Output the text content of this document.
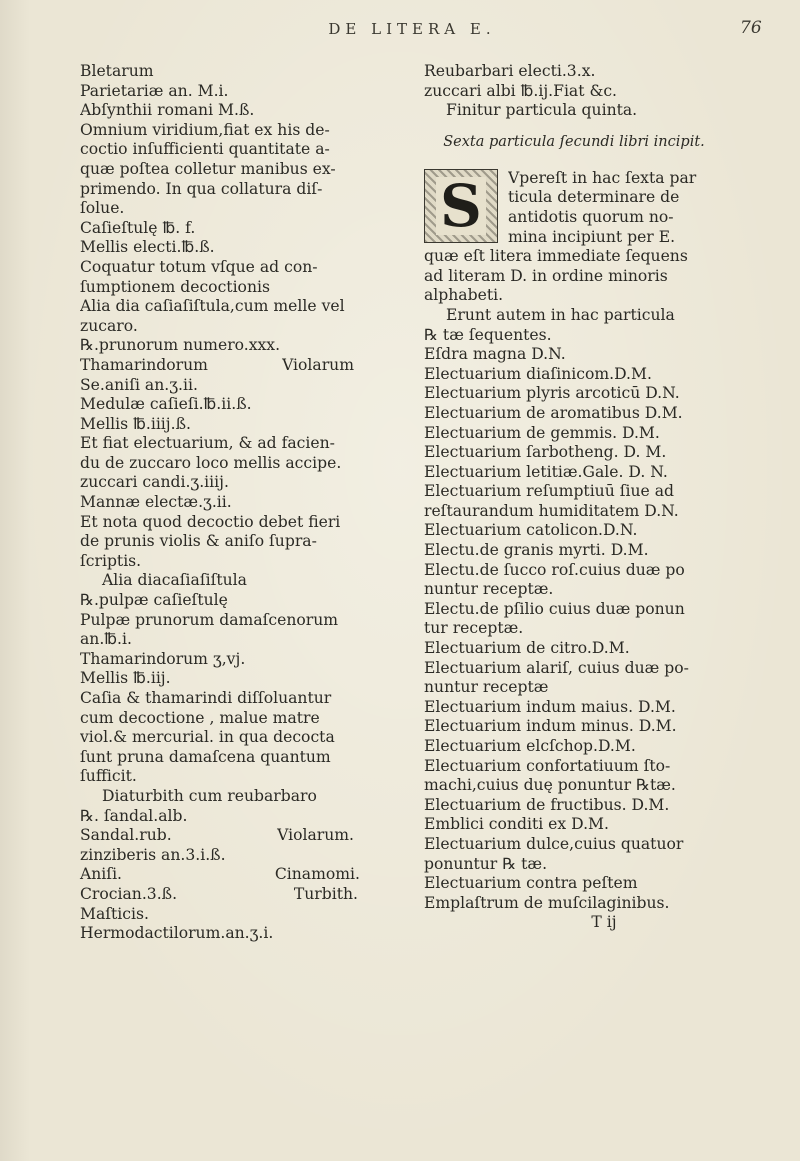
DE LITERA E.	76
Bletarum
Parietariæ an. M.i.
Abſynthii romani M.ß.
Omnium viridium,fiat ex his de-
coctio inſufficienti quantitate a-
quæ poſtea colletur manibus ex-
primendo. In qua collatura diſ-
ſolue.
Caſieſtulę ℔. f.
Mellis electi.℔.ß.
Coquatur totum vſque ad con-
ſumptionem decoctionis
Alia dia caſiaſiſtula,cum melle vel
zucaro.
℞.prunorum numero.xxx.
Thamarindorum	Violarum
Se.aniſi an.ʒ.ii.
Medulæ caſieſi.℔.ii.ß.
Mellis ℔.iiij.ß.
Et fiat electuarium, & ad facien-
du de zuccaro loco mellis accipe.
zuccari candi.ʒ.iiij.
Mannæ electæ.ʒ.ii.
Et nota quod decoctio debet fieri
de prunis violis & aniſo ſupra-
ſcriptis.
Alia diacaſiaſiſtula
℞.pulpæ caſieſtulę
Pulpæ prunorum damaſcenorum
an.℔.i.
Thamarindorum ʒ,vj.
Mellis ℔.iij.
Caſia & thamarindi diſſoluantur
cum decoctione , malue matre
viol.& mercurial. in qua decocta
ſunt pruna damaſcena quantum
ſufficit.
Diaturbith cum reubarbaro
℞. ſandal.alb.
Sandal.rub.	Violarum.
zinziberis an.3.i.ß.
Aniſi.	Cinamomi.
Crocian.3.ß.	Turbith.
Maſticis.
Hermodactilorum.an.ʒ.i.
Reubarbari electi.3.x.
zuccari albi ℔.ij.Fiat &c.
Finitur particula quinta.
Sexta particula ſecundi libri incipit.
S Vpereſt in hac ſexta par
ticula determinare de
antidotis quorum no-
mina incipiunt per E.
quæ eſt litera immediate ſequens
ad literam D. in ordine minoris
alphabeti.
Erunt autem in hac particula
℞ tæ ſequentes.
Eſdra magna D.N.
Electuarium diaſinicom.D.M.
Electuarium plyris arcoticū D.N.
Electuarium de aromatibus D.M.
Electuarium de gemmis. D.M.
Electuarium ſarbotheng. D. M.
Electuarium letitiæ.Gale. D. N.
Electuarium reſumptiuū ſiue ad
reſtaurandum humiditatem D.N.
Electuarium catolicon.D.N.
Electu.de granis myrti. D.M.
Electu.de ſucco roſ.cuius duæ po
nuntur receptæ.
Electu.de pſilio cuius duæ ponun
tur receptæ.
Electuarium de citro.D.M.
Electuarium alariſ, cuius duæ po-
nuntur receptæ
Electuarium indum maius. D.M.
Electuarium indum minus. D.M.
Electuarium elcſchop.D.M.
Electuarium confortatiuum ſto-
machi,cuius duę ponuntur ℞tæ.
Electuarium de fructibus. D.M.
Emblici conditi ex D.M.
Electuarium dulce,cuius quatuor
ponuntur ℞ tæ.
Electuarium contra peſtem
Emplaſtrum de muſcilaginibus.
T ij
